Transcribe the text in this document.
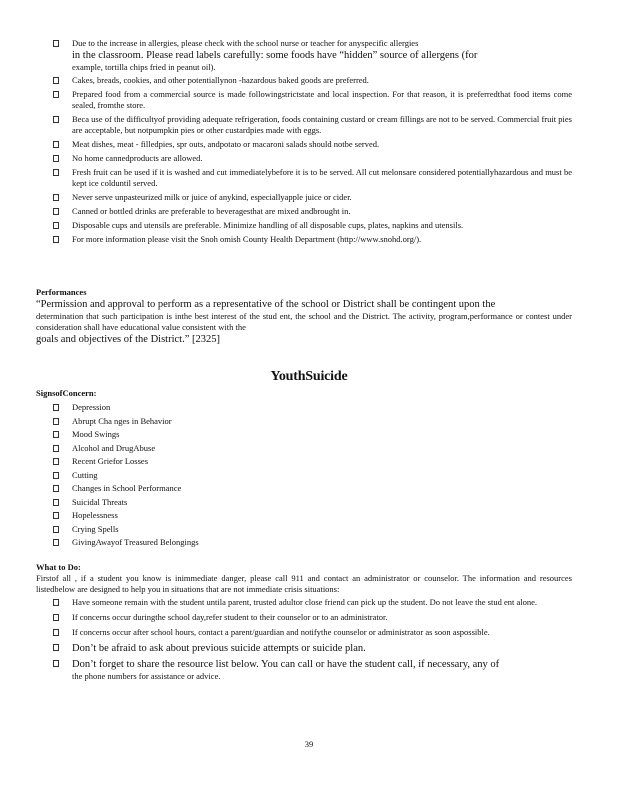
Due to the increase in allergies, please check with the school nurse or teacher for anyspecific allergies

in the classroom. Please read labels carefully: some foods have “hidden” source of allergens (for

example, tortilla chips fried in peanut oil).

Cakes, breads, cookies, and other potentiallynon -hazardous baked goods are preferred.

Prepared food from a commercial source is made followingstrictstate and local inspection. For that reason, it is preferredthat food items come sealed, fromthe store.

Beca use of the difficultyof providing adequate refrigeration, foods containing custard or cream fillings are not to be served. Commercial fruit pies are acceptable, but notpumpkin pies or other custardpies made with eggs.

Meat dishes, meat - filledpies, spr outs, andpotato or macaroni salads should notbe served.

No home cannedproducts are allowed.

Fresh fruit can be used if it is washed and cut immediatelybefore it is to be served. All cut melonsare considered potentiallyhazardous and must be kept ice colduntil served.

Never serve unpasteurized milk or juice of anykind, especiallyapple juice or cider.

Canned or bottled drinks are preferable to beveragesthat are mixed andbrought in.

Disposable cups and utensils are preferable. Minimize handling of all disposable cups, plates, napkins and utensils.

For more information please visit the Snoh omish County Health Department (http://www.snohd.org/).

Performances

“Permission and approval to perform as a representative of the school or District shall be contingent upon the

determination that such participation is inthe best interest of the stud ent, the school and the District. The activity, program,performance or contest under consideration shall have educational value consistent with the

goals and objectives of the District.” [2325]

YouthSuicide

SignsofConcern:

Depression
Abrupt Cha nges in Behavior
Mood Swings
Alcohol and DrugAbuse
Recent Griefor Losses
Cutting
Changes in School Performance
Suicidal Threats
Hopelessness
Crying Spells
GivingAwayof Treasured Belongings

What to Do:

Firstof all , if a student you know is inimmediate danger, please call 911 and contact an administrator or counselor. The information and resources listedbelow are designed to help you in situations that are not immediate crisis situations:

Have someone remain with the student untila parent, trusted adultor close friend can pick up the student. Do not leave the stud ent alone.

If concerns occur duringthe school day,refer student to their counselor or to an administrator.

If concerns occur after school hours, contact a parent/guardian and notifythe counselor or administrator as soon aspossible.

Don’t be afraid to ask about previous suicide attempts or suicide plan.

Don’t forget to share the resource list below. You can call or have the student call, if necessary, any of

the phone numbers for assistance or advice.

39
